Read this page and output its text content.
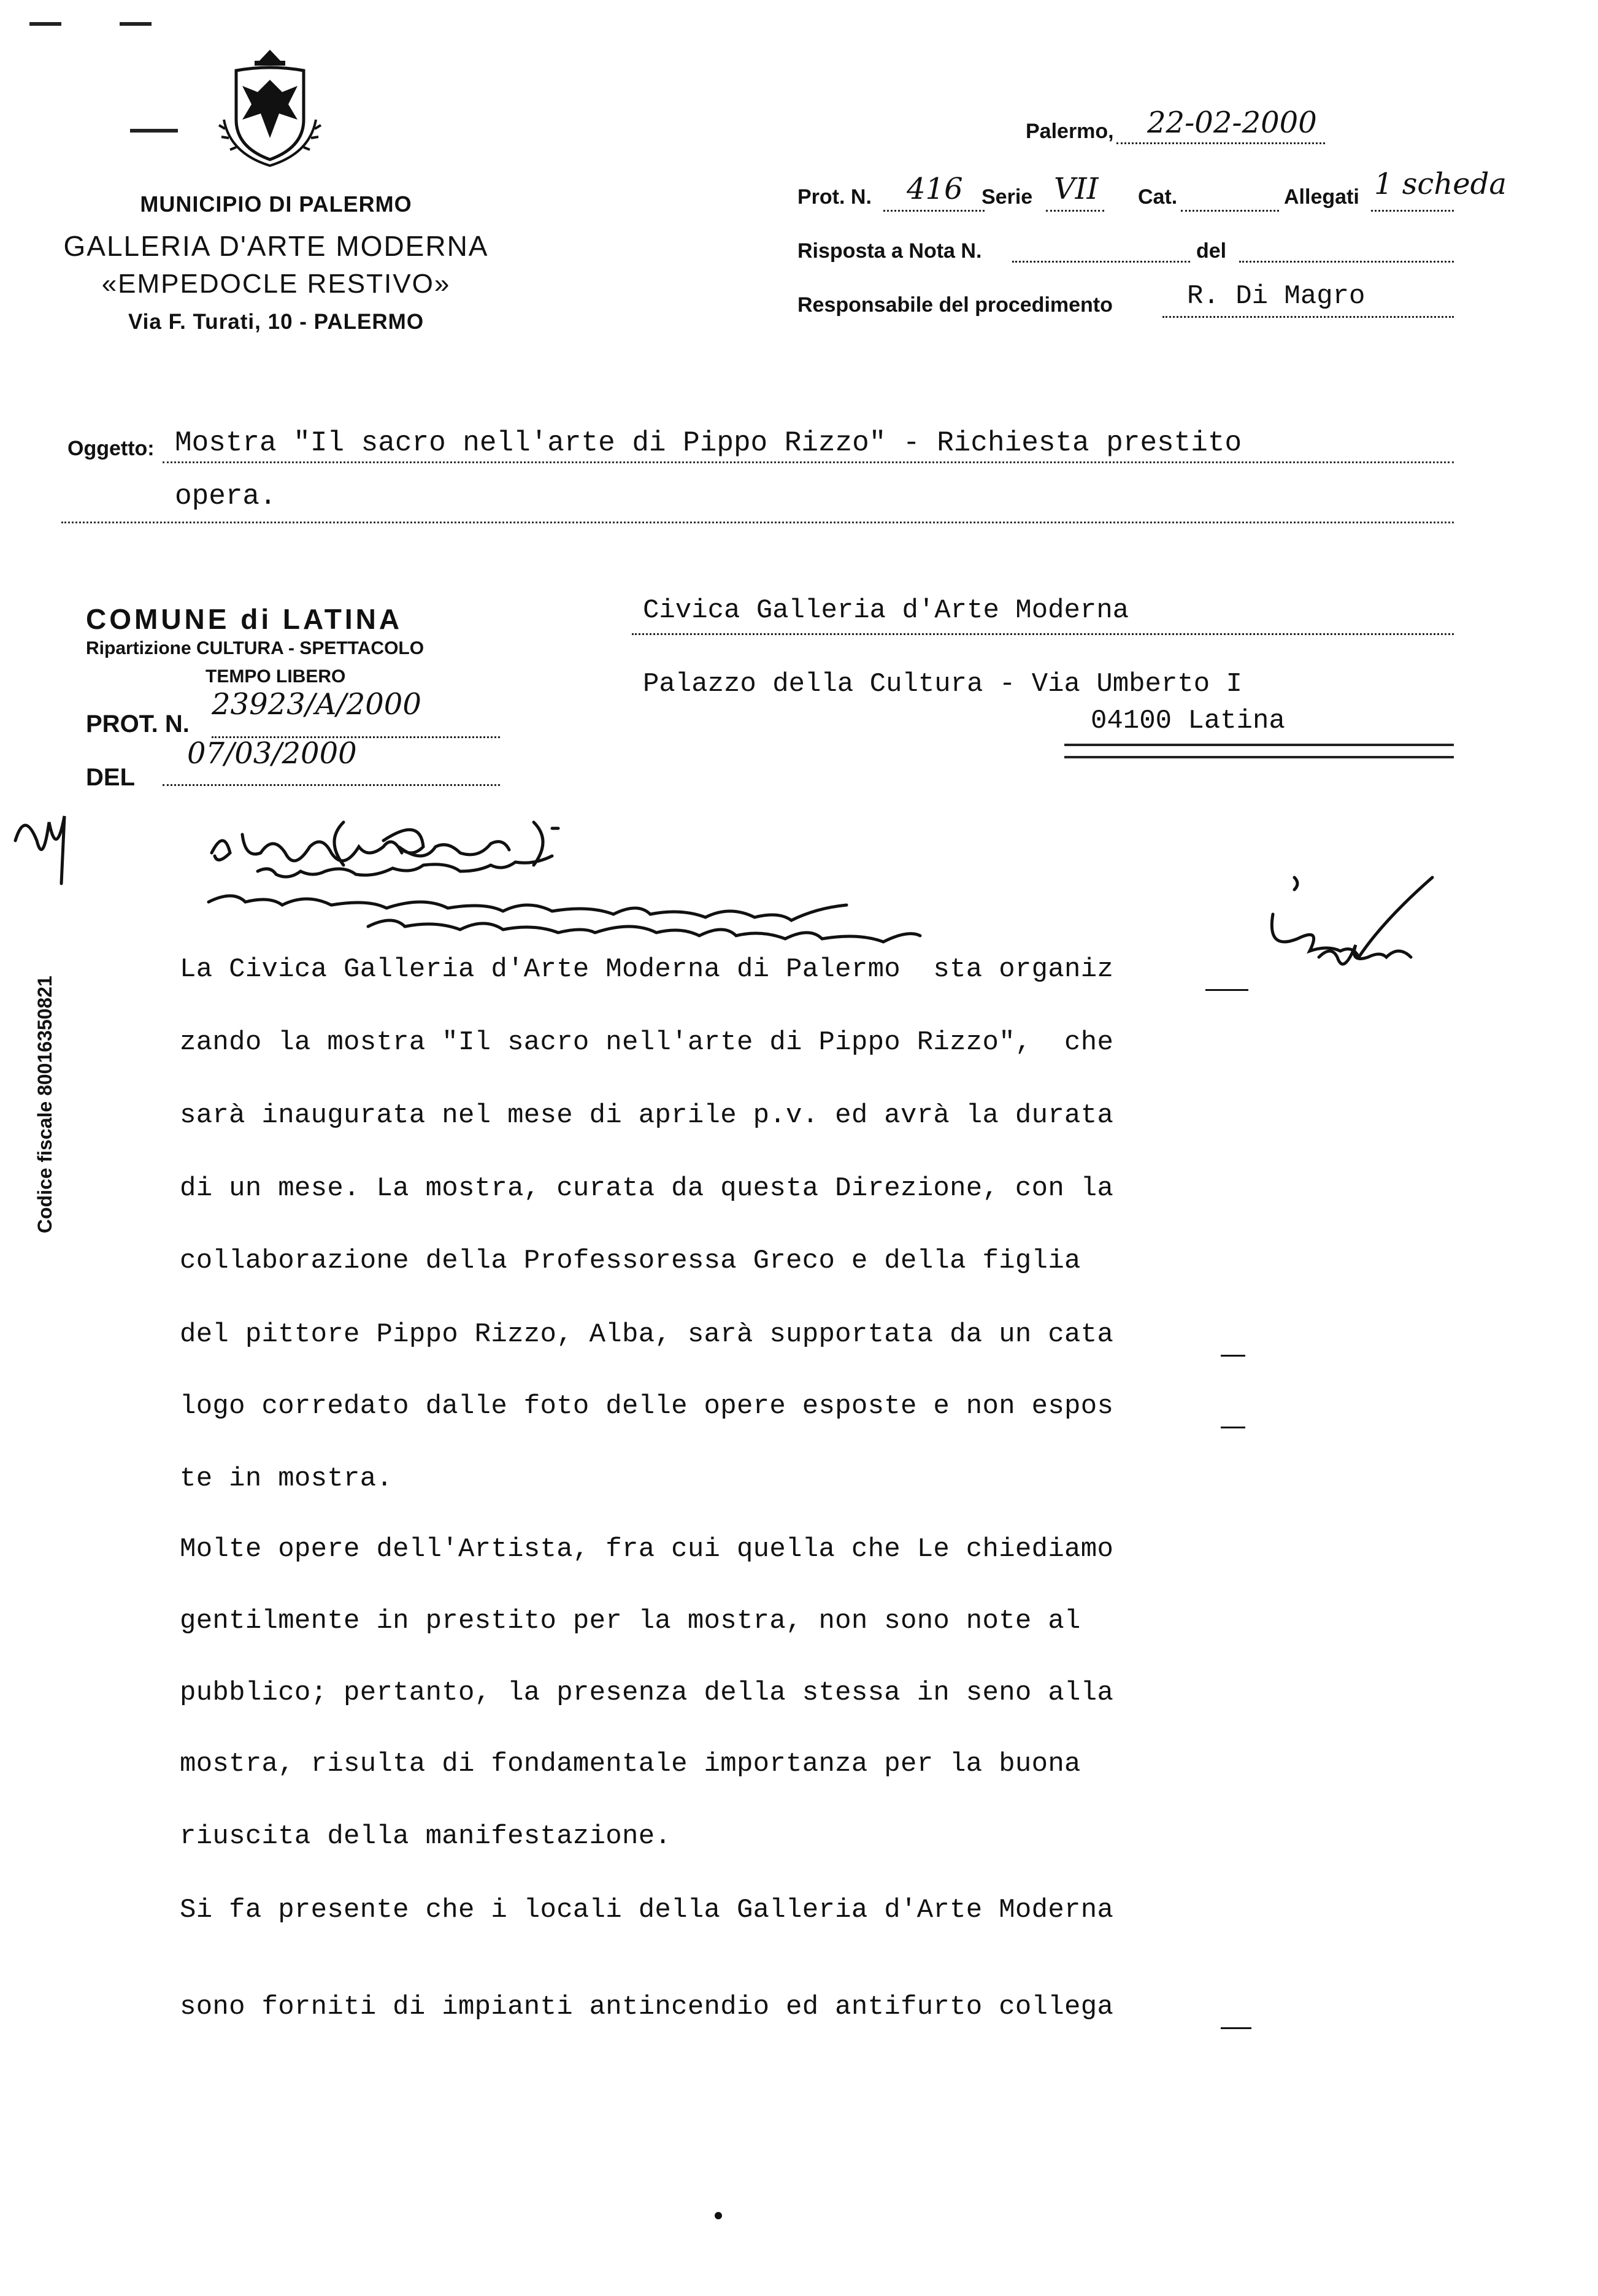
MUNICIPIO DI PALERMO
GALLERIA D'ARTE MODERNA
«EMPEDOCLE RESTIVO»
Via F. Turati, 10 - PALERMO
Palermo, 22-02-2000
Prot. N. 416 Serie VII Cat.	Allegati 1 scheda
Risposta a Nota N.	del
Responsabile del procedimento	R. Di Magro
Oggetto: Mostra "Il sacro nell'arte di Pippo Rizzo" - Richiesta prestito
opera.
COMUNE di LATINA
Ripartizione CULTURA - SPETTACOLO
TEMPO LIBERO
PROT. N.
23923/A/2000
DEL
07/03/2000
Civica Galleria d'Arte Moderna
Palazzo della Cultura - Via Umberto I
04100 Latina
La Civica Galleria d'Arte Moderna di Palermo  sta organiz
zando la mostra "Il sacro nell'arte di Pippo Rizzo",  che
sarà inaugurata nel mese di aprile p.v. ed avrà la durata
di un mese. La mostra, curata da questa Direzione, con la
collaborazione della Professoressa Greco e della figlia
del pittore Pippo Rizzo, Alba, sarà supportata da un cata
logo corredato dalle foto delle opere esposte e non espos
te in mostra.
Molte opere dell'Artista, fra cui quella che Le chiediamo
gentilmente in prestito per la mostra, non sono note al
pubblico; pertanto, la presenza della stessa in seno alla
mostra, risulta di fondamentale importanza per la buona
riuscita della manifestazione.
Si fa presente che i locali della Galleria d'Arte Moderna
sono forniti di impianti antincendio ed antifurto collega
Codice fiscale 80016350821
